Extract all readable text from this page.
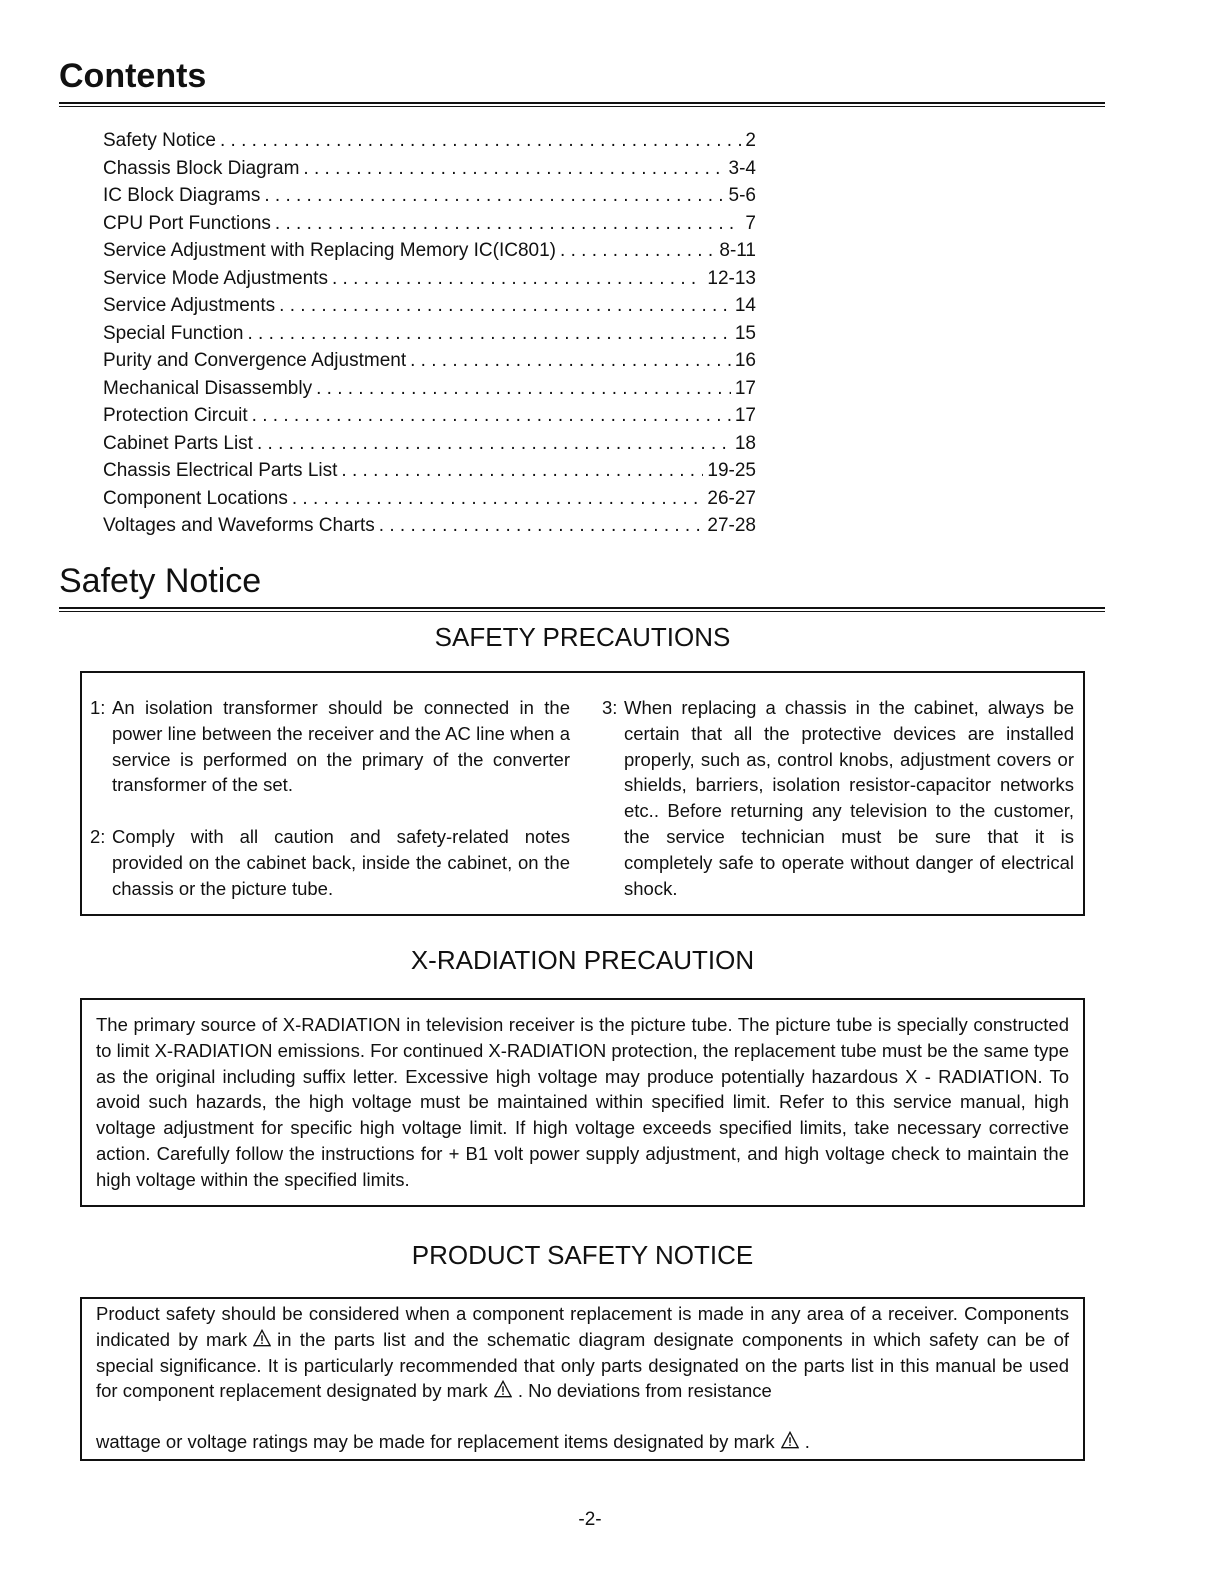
Contents
Safety Notice . . .	2
Chassis Block Diagram . . .	3-4
IC Block Diagrams . . .	5-6
CPU Port Functions . . .	7
Service Adjustment with Replacing Memory IC(IC801) . . .	8-11
Service Mode Adjustments . . .	12-13
Service Adjustments . . .	14
Special Function . . .	15
Purity and Convergence Adjustment . . .	16
Mechanical Disassembly . . .	17
Protection Circuit . . .	17
Cabinet Parts List . . .	18
Chassis Electrical Parts List . . .	19-25
Component Locations . . .	26-27
Voltages and Waveforms Charts . . .	27-28
Safety Notice
SAFETY PRECAUTIONS
1: An isolation transformer should be connected in the power line between the receiver and the AC line when a service is performed on the primary of the converter transformer of the set.
2: Comply with all caution and safety-related notes provided on the cabinet back, inside the cabinet, on the chassis or the picture tube.
3: When replacing a chassis in the cabinet, always be certain that all the protective devices are installed properly, such as, control knobs, adjustment covers or shields, barriers, isolation resistor-capacitor networks etc.. Before returning any television to the customer, the service technician must be sure that it is completely safe to operate without danger of electrical shock.
X-RADIATION PRECAUTION

The primary source of X-RADIATION in television receiver is the picture tube. The picture tube is specially constructed to limit X-RADIATION emissions. For continued X-RADIATION protection, the replacement tube must be the same type as the original including suffix letter. Excessive high voltage may produce potentially hazardous X - RADIATION. To avoid such hazards, the high voltage must be maintained within specified limit. Refer to this service manual, high voltage adjustment for specific high voltage limit. If high voltage exceeds specified limits, take necessary corrective action. Carefully follow the instructions for + B1 volt power supply adjustment, and high voltage check to maintain the high voltage within the specified limits.

PRODUCT SAFETY NOTICE

Product safety should be considered when a component replacement is made in any area of a receiver. Components indicated by mark in the parts list and the schematic diagram designate components in which safety can be of special significance. It is particularly recommended that only parts designated on the parts list in this manual be used for component replacement designated by mark . No deviations from resistance

wattage or voltage ratings may be made for replacement items designated by mark .

-2-
